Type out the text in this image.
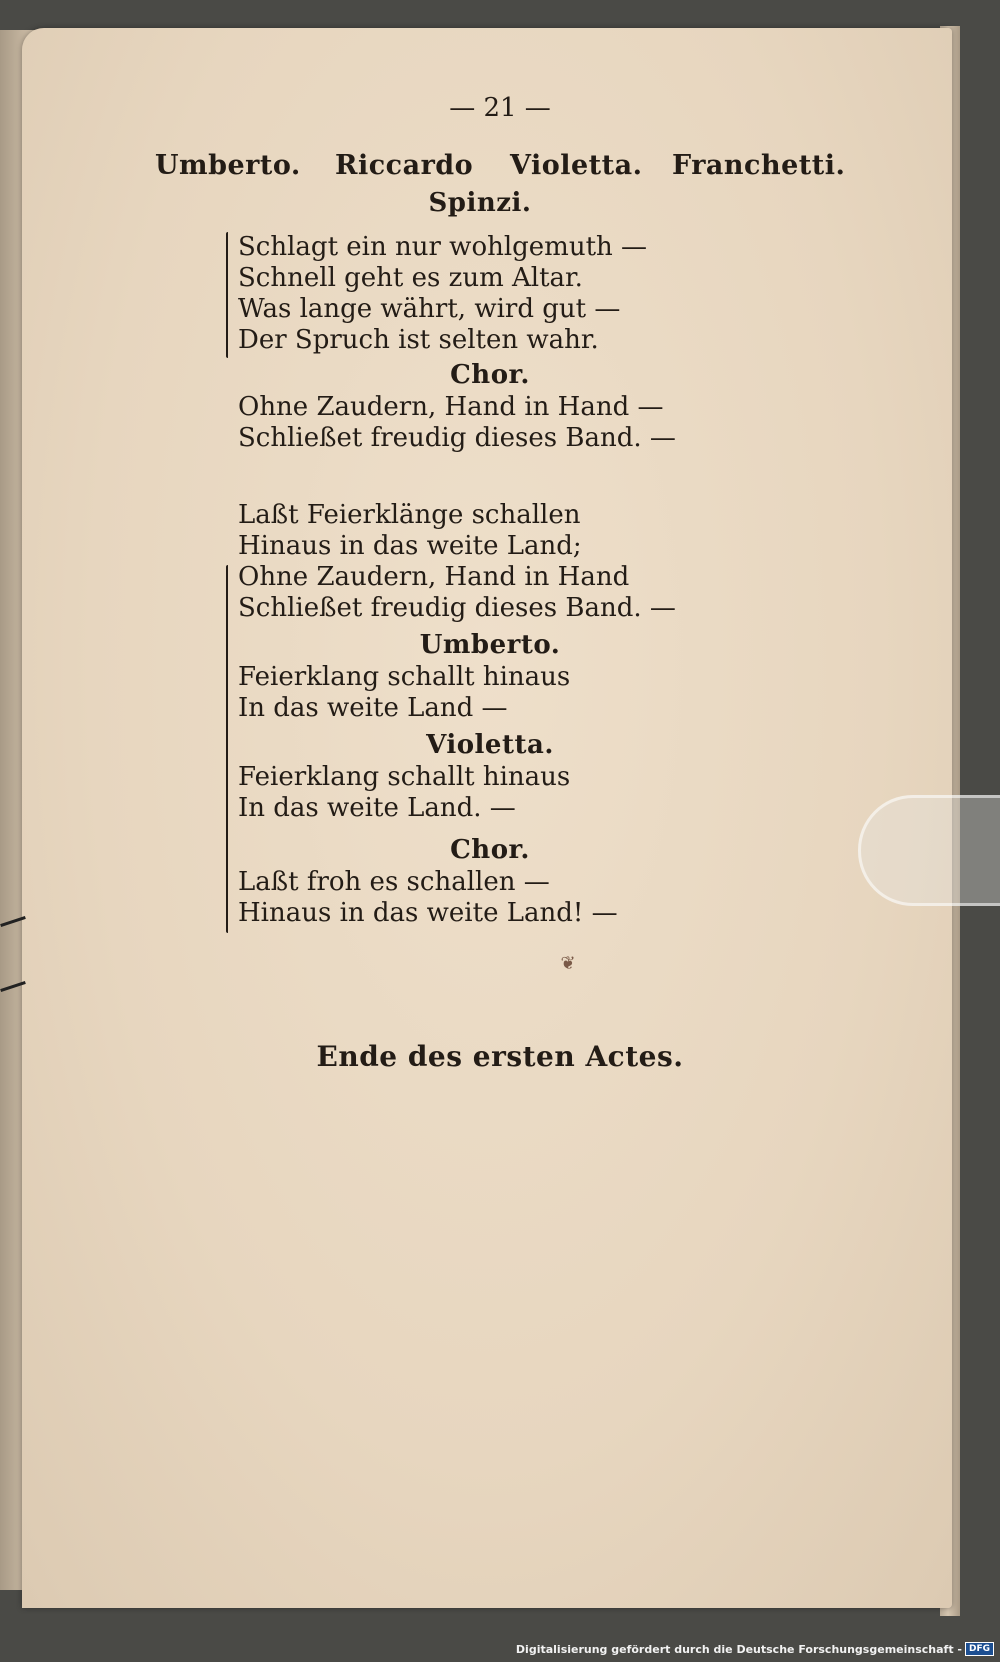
— 21 —
Umberto. Riccardo Violetta. Franchetti.
Spinzi.
Schlagt ein nur wohlgemuth —
Schnell geht es zum Altar.
Was lange währt, wird gut —
Der Spruch ist selten wahr.
Chor.
Ohne Zaudern, Hand in Hand —
Schließet freudig dieses Band. —
Laßt Feierklänge schallen
Hinaus in das weite Land;
Ohne Zaudern, Hand in Hand
Schließet freudig dieses Band. —
Umberto.
Feierklang schallt hinaus
In das weite Land —
Violetta.
Feierklang schallt hinaus
In das weite Land. —
Chor.
Laßt froh es schallen —
Hinaus in das weite Land! —
❦
Ende des ersten Actes.
Digitalisierung gefördert durch die Deutsche Forschungsgemeinschaft - DFG
